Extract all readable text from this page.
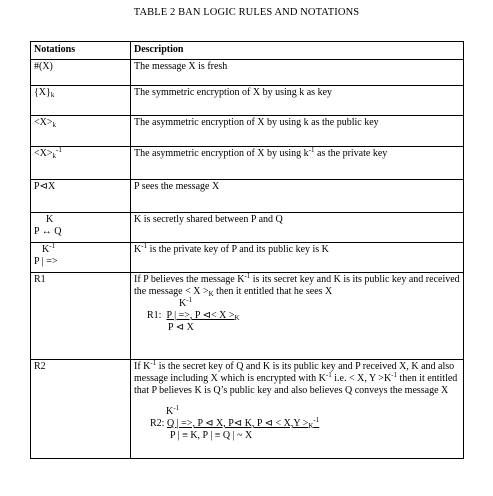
TABLE 2 BAN LOGIC RULES AND NOTATIONS
Notations	Description
#(X)	The message X is fresh
$\{X\}_k$	The symmetric encryption of X by using k as key
$<X>_k$	The asymmetric encryption of X by using k as the public key
$<X>_k^{-1}$	The asymmetric encryption of X by using $k^{-1}$ as the private key
P⊲X	P sees the message X

K
P ↔ Q	K is secretly shared between P and Q

$K^{-1}$
P | =>	$K^{-1}$ is the private key of P and its public key is K
R1	If P believes the message $K^{-1}$ is its secret key and K is its public key and received the message < $X >_K$ then it entitled that he sees X
$K^{-1}$
R1: P | =>, P ⊲< $X >_K$
P ⊲ X

R2	If $K^{-1}$ is the secret key of Q and K is its public key and P received X, K and also message including X which is encrypted with $K^{-1}$ i.e. < X, $Y >K^{-1}$ then it entitled that P believes K is Q’s public key and also believes Q conveys the message X
$K^{-1}$
R2: Q | =>, P ⊲ X, P⊲ K, P ⊲ < $X,Y >_K^{-1}$
P | ≡ K, P | ≡ Q | ~ X
